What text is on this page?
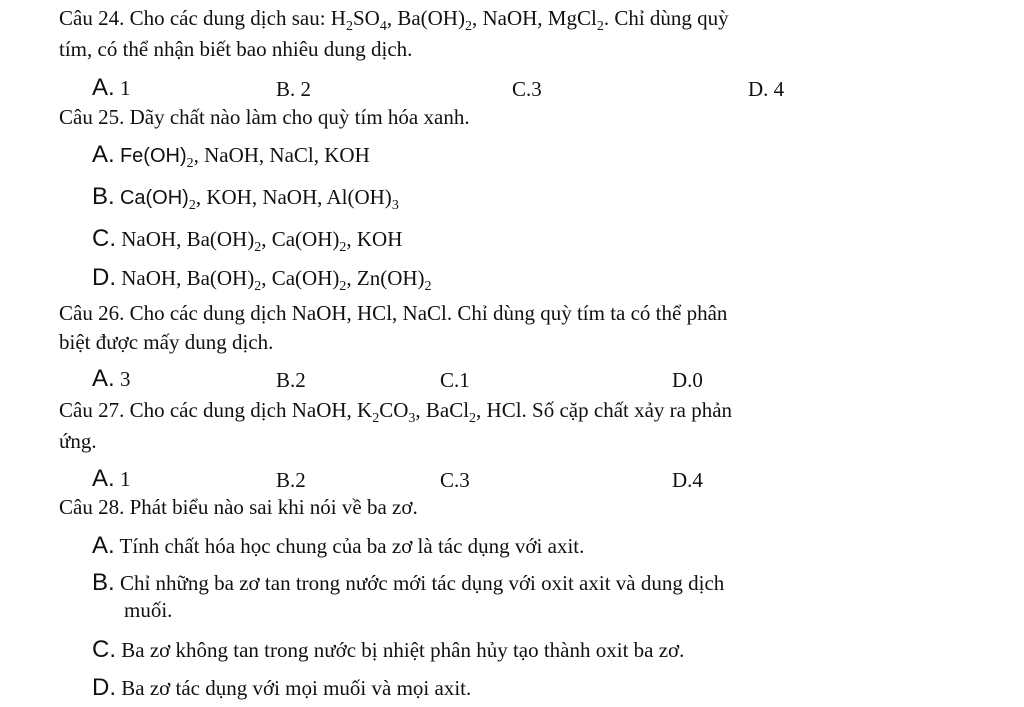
Câu 24. Cho các dung dịch sau: $H_2SO_4$, $Ba(OH)_2$, NaOH, MgCl$_2$. Chỉ dùng quỳ
tím, có thể nhận biết bao nhiêu dung dịch.
A. 1	B. 2	C.3	D. 4
Câu 25. Dãy chất nào làm cho quỳ tím hóa xanh.
A. $Fe(OH)_2$, NaOH, NaCl, KOH
B. $Ca(OH)_2$, KOH, NaOH, $Al(OH)_3$
C. NaOH, $Ba(OH)_2$, $Ca(OH)_2$, KOH
D. NaOH, $Ba(OH)_2$, $Ca(OH)_2$, $Zn(OH)_2$
Câu 26. Cho các dung dịch NaOH, HCl, NaCl. Chỉ dùng quỳ tím ta có thể phân
biệt được mấy dung dịch.
A. 3	B.2	C.1	D.0
Câu 27. Cho các dung dịch NaOH, $K_2CO_3$, BaCl$_2$, HCl. Số cặp chất xảy ra phản
ứng.
A. 1	B.2	C.3	D.4
Câu 28. Phát biểu nào sai khi nói về ba zơ.
A. Tính chất hóa học chung của ba zơ là tác dụng với axit.
B. Chỉ những ba zơ tan trong nước mới tác dụng với oxit axit và dung dịch
muối.
C. Ba zơ không tan trong nước bị nhiệt phân hủy tạo thành oxit ba zơ.
D. Ba zơ tác dụng với mọi muối và mọi axit.
